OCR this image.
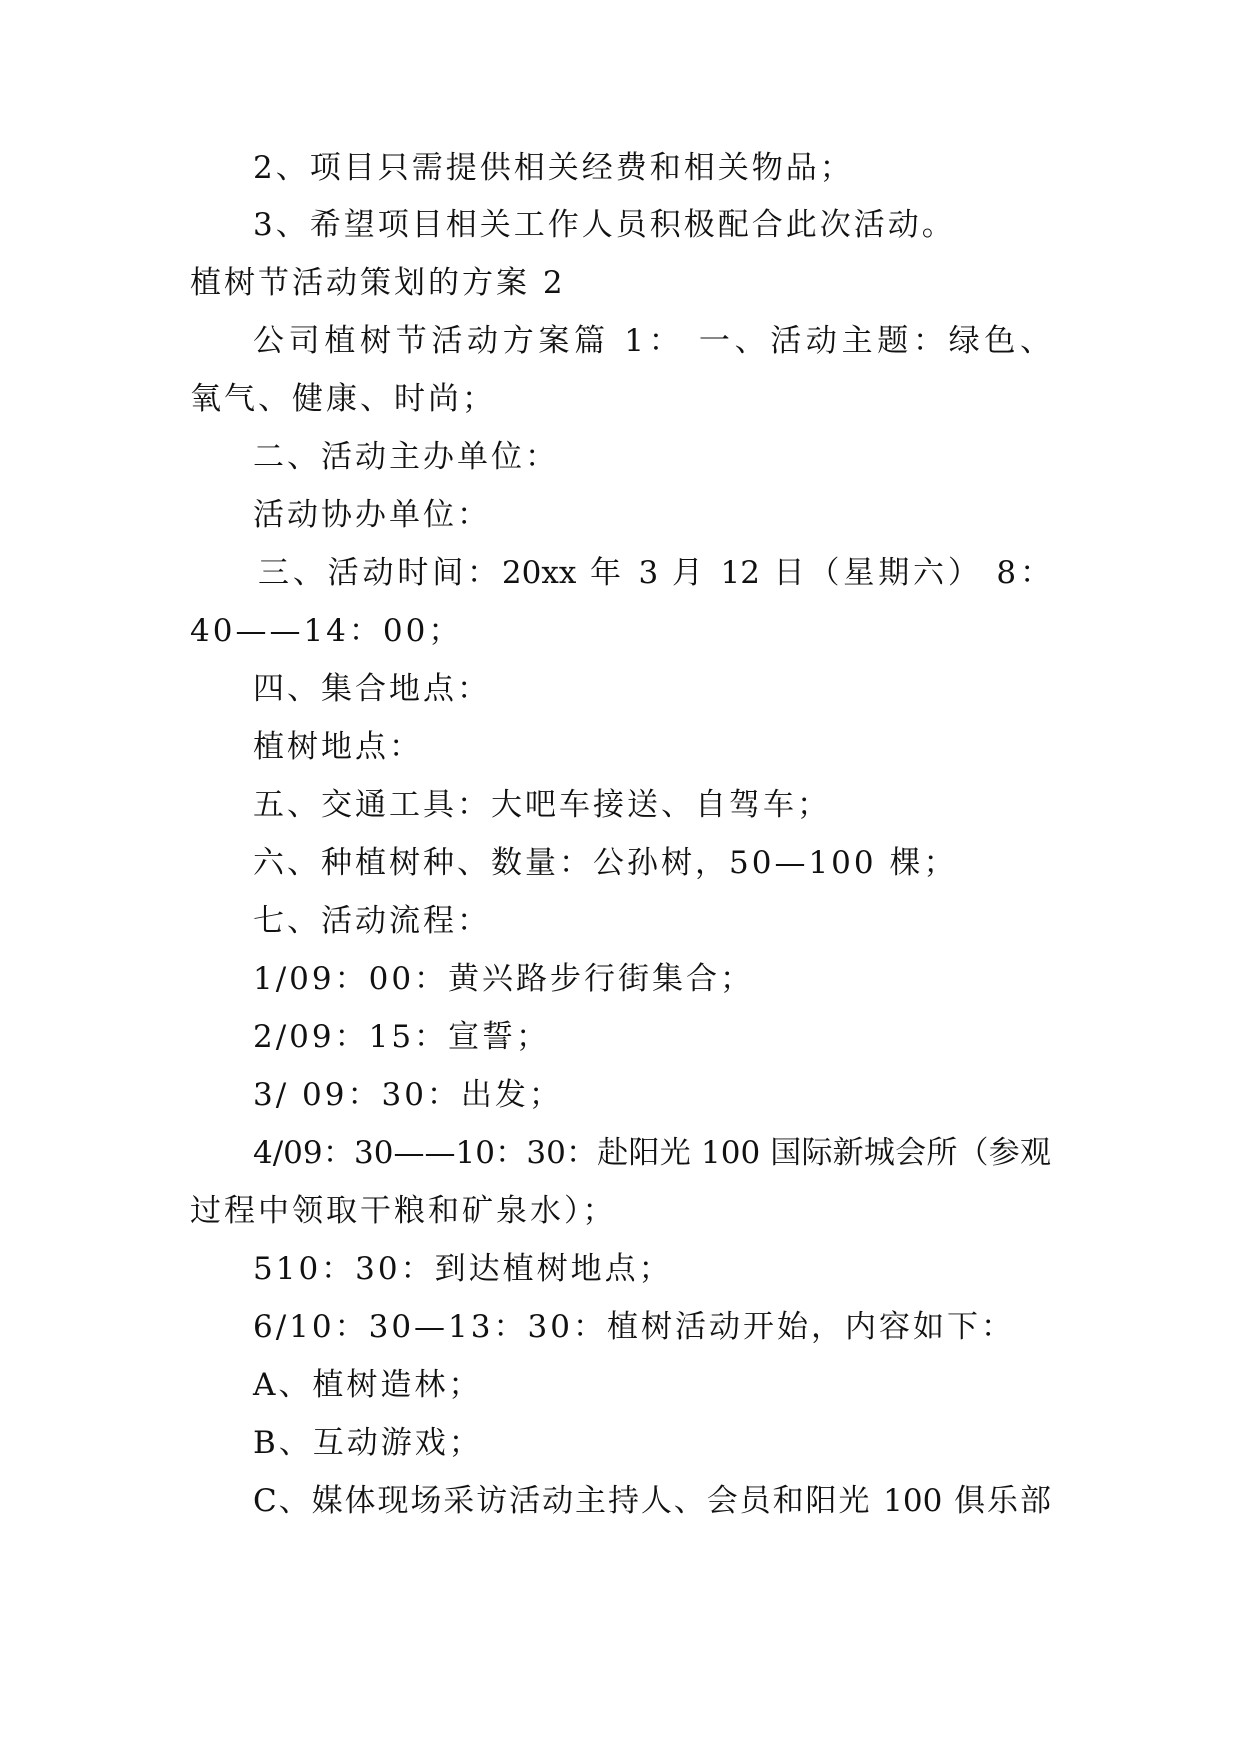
2、项目只需提供相关经费和相关物品；
3、希望项目相关工作人员积极配合此次活动。
植树节活动策划的方案 2
公司植树节活动方案篇 1： 一、活动主题：绿色、
氧气、健康、时尚；
二、活动主办单位：
活动协办单位：
三、活动时间：20xx 年 3 月 12 日（星期六） 8：
40——14：00；
四、集合地点：
植树地点：
五、交通工具：大吧车接送、自驾车；
六、种植树种、数量：公孙树，50—100 棵；
七、活动流程：
1/09：00：黄兴路步行街集合；
2/09：15：宣誓；
3/ 09：30：出发；
4/09：30——10：30：赴阳光 100 国际新城会所（参观
过程中领取干粮和矿泉水）；
510：30：到达植树地点；
6/10：30—13：30：植树活动开始，内容如下：
A、植树造林；
B、互动游戏；
C、媒体现场采访活动主持人、会员和阳光 100 俱乐部
